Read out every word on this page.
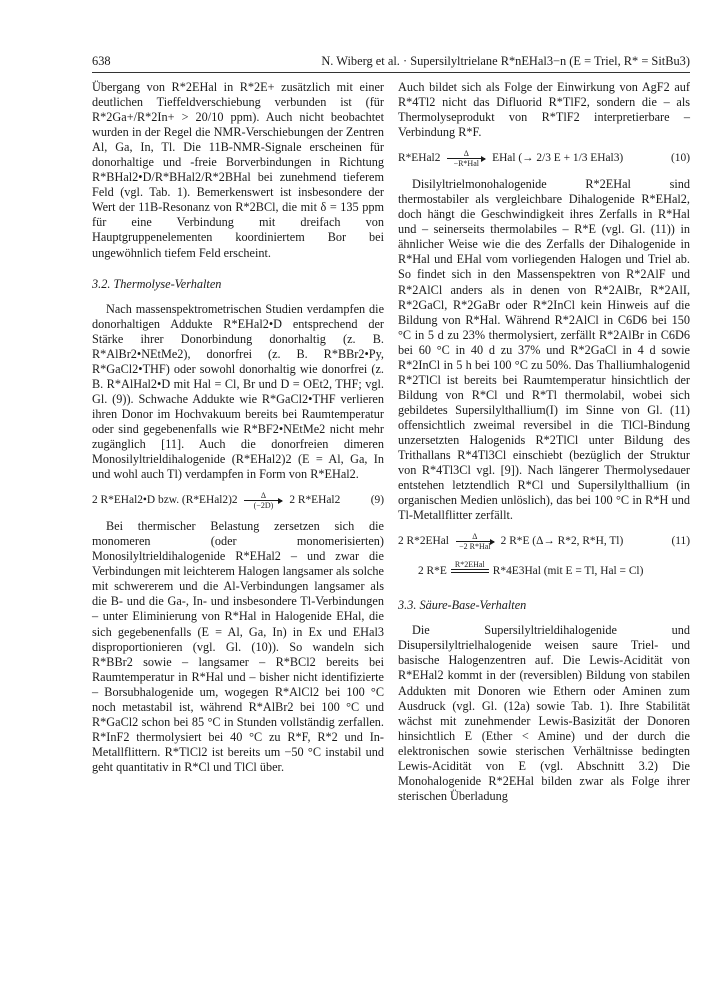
638	N. Wiberg et al. · Supersilyltrielane R*nEHal3−n (E = Triel, R* = SitBu3)

Übergang von R*2EHal in R*2E+ zusätzlich mit einer deutlichen Tieffeldverschiebung verbunden ist (für R*2Ga+/R*2In+ > 20/10 ppm). Auch nicht beobachtet wurden in der Regel die NMR-Verschiebungen der Zentren Al, Ga, In, Tl. Die 11B-NMR-Signale erscheinen für donorhaltige und -freie Borverbindungen in Richtung R*BHal2•D/R*BHal2/R*2BHal bei zunehmend tieferem Feld (vgl. Tab. 1). Bemerkenswert ist insbesondere der Wert der 11B-Resonanz von R*2BCl, die mit δ = 135 ppm für eine Verbindung mit dreifach von Hauptgruppenelementen koordiniertem Bor bei ungewöhnlich tiefem Feld erscheint.

3.2. Thermolyse-Verhalten

Nach massenspektrometrischen Studien verdampfen die donorhaltigen Addukte R*EHal2•D entsprechend der Stärke ihrer Donorbindung donorhaltig (z. B. R*AlBr2•NEtMe2), donorfrei (z. B. R*BBr2•Py, R*GaCl2•THF) oder sowohl donorhaltig wie donorfrei (z. B. R*AlHal2•D mit Hal = Cl, Br und D = OEt2, THF; vgl. Gl. (9)). Schwache Addukte wie R*GaCl2•THF verlieren ihren Donor im Hochvakuum bereits bei Raumtemperatur oder sind gegebenenfalls wie R*BF2•NEtMe2 nicht mehr zugänglich [11]. Auch die donorfreien dimeren Monosilyltrieldihalogenide (R*EHal2)2 (E = Al, Ga, In und wohl auch Tl) verdampfen in Form von R*EHal2.

2 R*EHal2•D bzw. (R*EHal2)2 $\frac{\Delta}{(-2D)} 2$ R*EHal2	(9)

Bei thermischer Belastung zersetzen sich die monomeren (oder monomerisierten) Monosilyltrieldihalogenide R*EHal2 – und zwar die Verbindungen mit leichterem Halogen langsamer als solche mit schwererem und die Al-Verbindungen langsamer als die B- und die Ga-, In- und insbesondere Tl-Verbindungen – unter Eliminierung von R*Hal in Halogenide EHal, die sich gegebenenfalls (E = Al, Ga, In) in Ex und EHal3 disproportionieren (vgl. Gl. (10)). So wandeln sich R*BBr2 sowie – langsamer – R*BCl2 bereits bei Raumtemperatur in R*Hal und – bisher nicht identifizierte – Borsubhalogenide um, wogegen R*AlCl2 bei 100 °C noch metastabil ist, während R*AlBr2 bei 100 °C und R*GaCl2 schon bei 85 °C in Stunden vollständig zerfallen. R*InF2 thermolysiert bei 40 °C zu R*F, R*2 und In-Metallflittern. R*TlCl2 ist bereits um −50 °C instabil und geht quantitativ in R*Cl und TlCl über.

Auch bildet sich als Folge der Einwirkung von AgF2 auf R*4Tl2 nicht das Difluorid R*TlF2, sondern die – als Thermolyseprodukt von R*TlF2 interpretierbare – Verbindung R*F.

R*EHal2	Δ
−R*Hal EHal (→ 2/3 E + 1/3 EHal3)	(10)

Disilyltrielmonohalogenide R*2EHal sind thermostabiler als vergleichbare Dihalogenide R*EHal2, doch hängt die Geschwindigkeit ihres Zerfalls in R*Hal und – seinerseits thermolabiles – R*E (vgl. Gl. (11)) in ähnlicher Weise wie die des Zerfalls der Dihalogenide in R*Hal und EHal vom vorliegenden Halogen und Triel ab. So findet sich in den Massenspektren von R*2AlF und R*2AlCl anders als in denen von R*2AlBr, R*2AlI, R*2GaCl, R*2GaBr oder R*2InCl kein Hinweis auf die Bildung von R*Hal. Während R*2AlCl in C6D6 bei 150 °C in 5 d zu 23% thermolysiert, zerfällt R*2AlBr in C6D6 bei 60 °C in 40 d zu 37% und R*2GaCl in 4 d sowie R*2InCl in 5 h bei 100 °C zu 50%. Das Thalliumhalogenid R*2TlCl ist bereits bei Raumtemperatur hinsichtlich der Bildung von R*Cl und R*Tl thermolabil, wobei sich gebildetes Supersilylthallium(I) im Sinne von Gl. (11) offensichtlich zweimal reversibel in die TlCl-Bindung unzersetzten Halogenids R*2TlCl unter Bildung des Trithallans R*4Tl3Cl einschiebt (bezüglich der Struktur von R*4Tl3Cl vgl. [9]). Nach längerer Thermolysedauer entstehen letztendlich R*Cl und Supersilylthallium (in organischen Medien unlöslich), das bei 100 °C in R*H und Tl-Metallflitter zerfällt.

2 R*2EHal	Δ
−2 R*Hal 2 R*E (Δ→ R*2, R*H, Tl)	(11)
2 R*E R*2EHal
R*4E3Hal (mit E = Tl, Hal = Cl)
3.3. Säure-Base-Verhalten

Die Supersilyltrieldihalogenide und Disupersilyltrielhalogenide weisen saure Triel- und basische Halogenzentren auf. Die Lewis-Acidität von R*EHal2 kommt in der (reversiblen) Bildung von stabilen Addukten mit Donoren wie Ethern oder Aminen zum Ausdruck (vgl. Gl. (12a) sowie Tab. 1). Ihre Stabilität wächst mit zunehmender Lewis-Basizität der Donoren hinsichtlich E (Ether < Amine) und der durch die elektronischen sowie sterischen Verhältnisse bedingten Lewis-Acidität von E (vgl. Abschnitt 3.2) Die Monohalogenide R*2EHal bilden zwar als Folge ihrer sterischen Überladung
